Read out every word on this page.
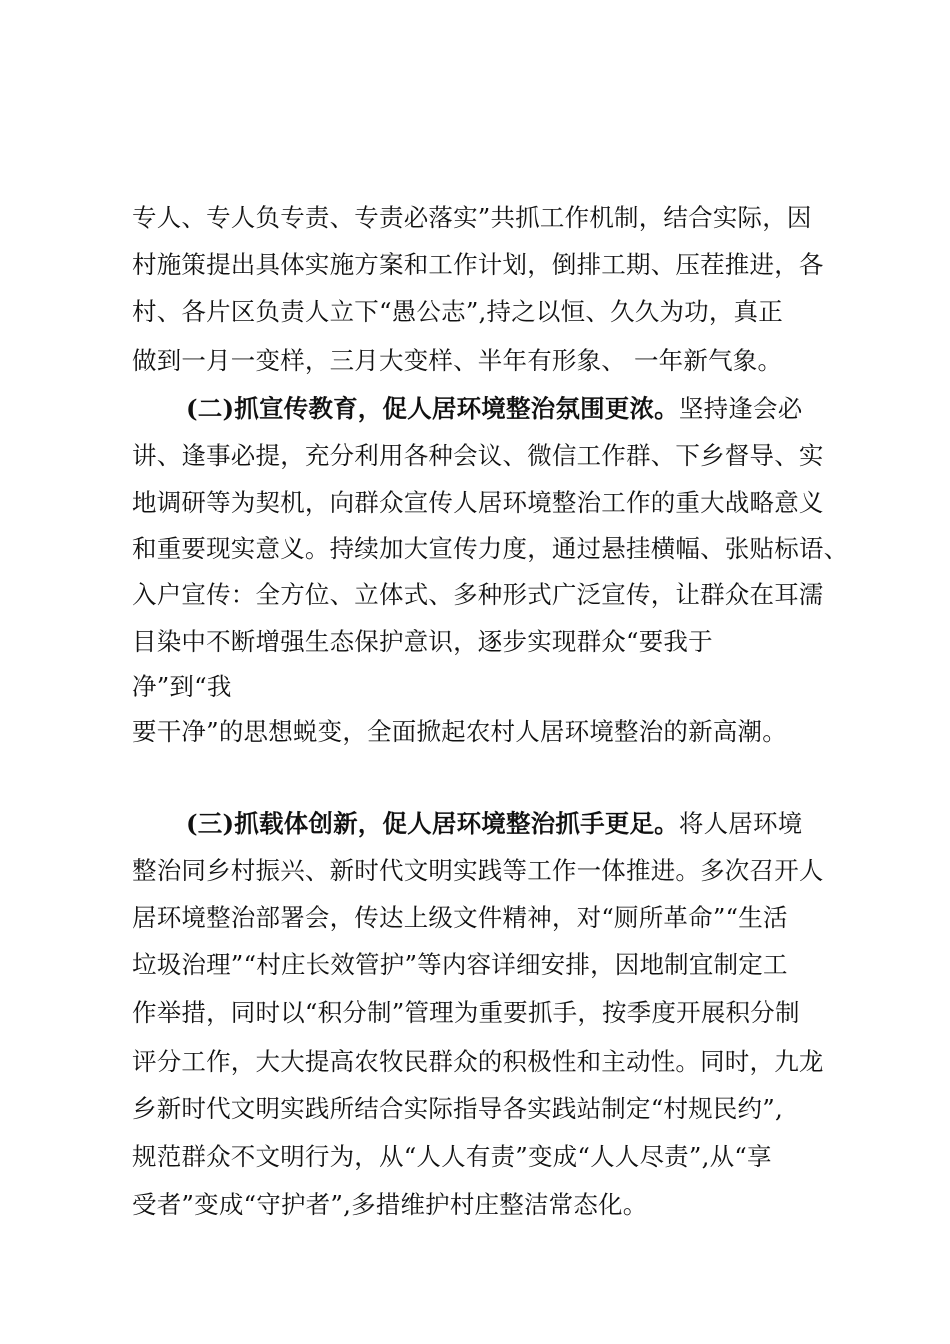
专人、专人负专责、专责必落实”共抓工作机制，结合实际，因
村施策提出具体实施方案和工作计划，倒排工期、压茬推进，各
村、各片区负责人立下“愚公志”,持之以恒、久久为功，真正
做到一月一变样，三月大变样、半年有形象、 一年新气象。
(二)抓宣传教育，促人居环境整治氛围更浓。坚持逢会必
讲、逢事必提，充分利用各种会议、微信工作群、下乡督导、实
地调研等为契机，向群众宣传人居环境整治工作的重大战略意义
和重要现实意义。持续加大宣传力度，通过悬挂横幅、张贴标语、
入户宣传：全方位、立体式、多种形式广泛宣传，让群众在耳濡
目染中不断增强生态保护意识，逐步实现群众“要我于
净”到“我
要干净”的思想蜕变，全面掀起农村人居环境整治的新高潮。
(三)抓载体创新，促人居环境整治抓手更足。将人居环境
整治同乡村振兴、新时代文明实践等工作一体推进。多次召开人
居环境整治部署会，传达上级文件精神，对“厕所革命”“生活
垃圾治理”“村庄长效管护”等内容详细安排，因地制宜制定工
作举措，同时以“积分制”管理为重要抓手，按季度开展积分制
评分工作，大大提高农牧民群众的积极性和主动性。同时，九龙
乡新时代文明实践所结合实际指导各实践站制定“村规民约”,
规范群众不文明行为，从“人人有责”变成“人人尽责”,从“享
受者”变成“守护者”,多措维护村庄整洁常态化。
